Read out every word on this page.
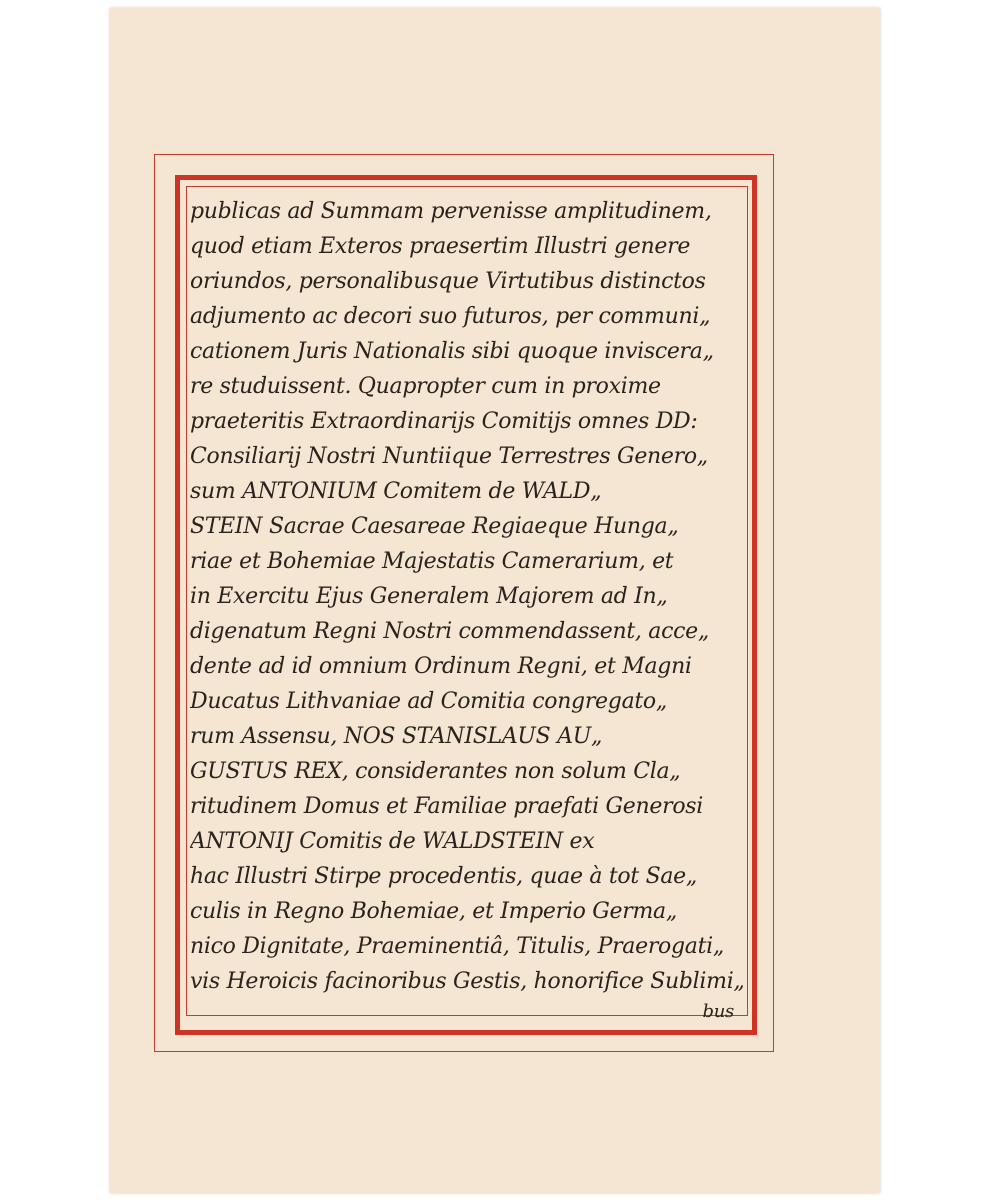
publicas ad Summam pervenisse amplitudinem,
quod etiam Exteros praesertim Illustri genere
oriundos, personalibusque Virtutibus distinctos
adjumento ac decori suo futuros, per communi„
cationem Juris Nationalis sibi quoque inviscera„
re studuissent. Quapropter cum in proxime
praeteritis Extraordinarijs Comitijs omnes DD:
Consiliarij Nostri Nuntiique Terrestres Genero„
sum ANTONIUM Comitem de WALD„
STEIN Sacrae Caesareae Regiaeque Hunga„
riae et Bohemiae Majestatis Camerarium, et
in Exercitu Ejus Generalem Majorem ad In„
digenatum Regni Nostri commendassent, acce„
dente ad id omnium Ordinum Regni, et Magni
Ducatus Lithvaniae ad Comitia congregato„
rum Assensu, NOS STANISLAUS AU„
GUSTUS REX, considerantes non solum Cla„
ritudinem Domus et Familiae praefati Generosi
ANTONIJ Comitis de WALDSTEIN ex
hac Illustri Stirpe procedentis, quae à tot Sae„
culis in Regno Bohemiae, et Imperio Germa„
nico Dignitate, Praeminentiâ, Titulis, Praerogati„
vis Heroicis facinoribus Gestis, honorifice Sublimi„
bus
